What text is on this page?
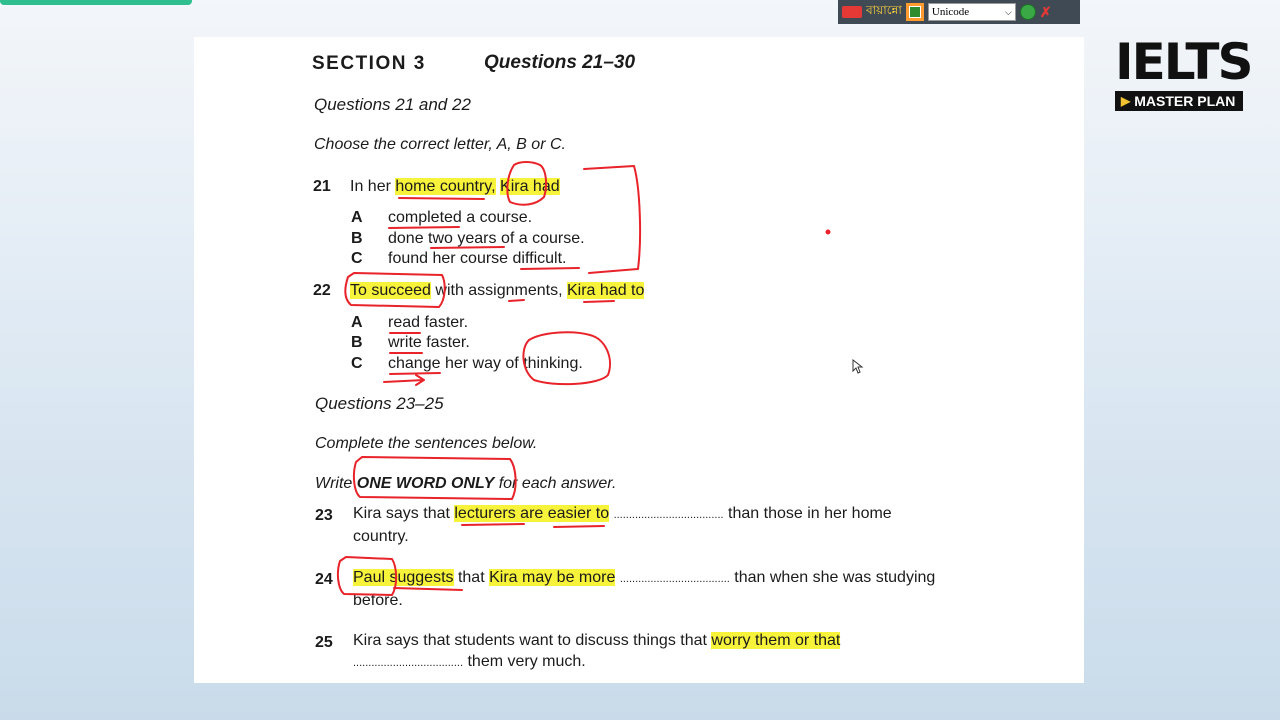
বায়ান্নো	Unicode	⌵ ✗
IELTS
▶ MASTER PLAN
SECTION 3	Questions 21–30
Questions 21 and 22
Choose the correct letter, A, B or C.
21 In her home country, Kira had
A completed a course.
B done two years of a course.
C found her course difficult.
22 To succeed with assignments, Kira had to
A read faster.
B write faster.
C change her way of thinking.
Questions 23–25
Complete the sentences below.
Write ONE WORD ONLY for each answer.
23 Kira says that lecturers are easier to .................................... than those in her home
country.
24 Paul suggests that Kira may be more .................................... than when she was studying
before.
25 Kira says that students want to discuss things that worry them or that
.................................... them very much.
